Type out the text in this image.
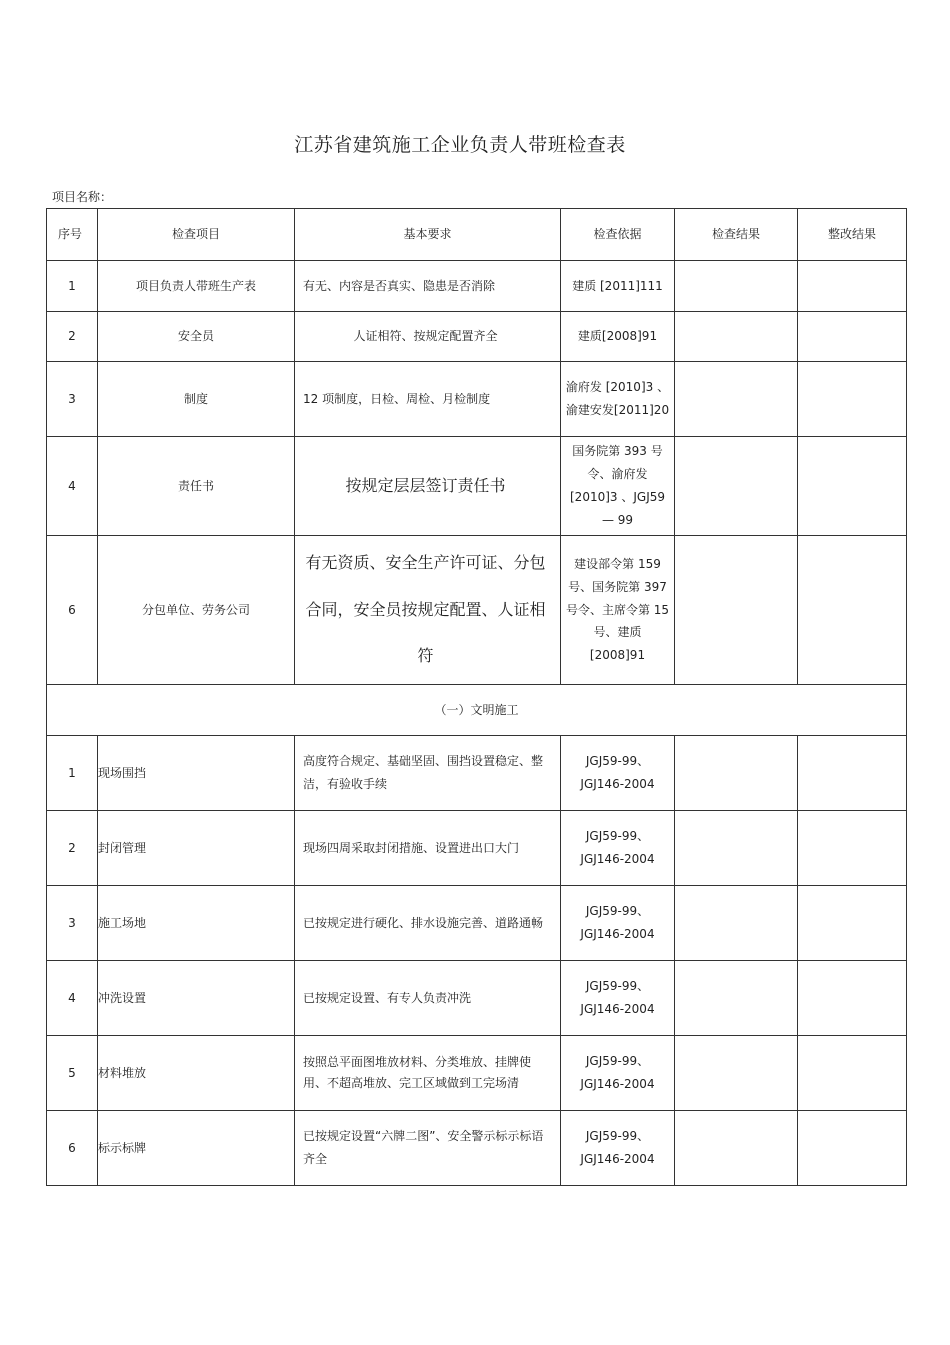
江苏省建筑施工企业负责人带班检查表
项目名称：
序号	检查项目	基本要求	检查依据	检查结果	整改结果
1	项目负责人带班生产表	有无、内容是否真实、隐患是否消除	建质 [2011]111		
2	安全员	人证相符、按规定配置齐全	建质[2008]91		
3	制度	12 项制度，日检、周检、月检制度	渝府发 [2010]3 、渝建安发[2011]20		
4	责任书	按规定层层签订责任书	国务院第 393 号令、渝府发 [2010]3 、JGJ59 — 99		
6	分包单位、劳务公司	有无资质、安全生产许可证、分包合同，安全员按规定配置、人证相符	建设部令第 159 号、国务院第 397 号令、主席令第 15 号、建质 [2008]91		
（一）文明施工					
1	现场围挡	高度符合规定、基础坚固、围挡设置稳定、整洁，有验收手续	JGJ59-99、JGJ146-2004		
2	封闭管理	现场四周采取封闭措施、设置进出口大门	JGJ59-99、JGJ146-2004		
3	施工场地	已按规定进行硬化、排水设施完善、道路通畅	JGJ59-99、JGJ146-2004		
4	冲洗设置	已按规定设置、有专人负责冲洗	JGJ59-99、JGJ146-2004		
5	材料堆放	按照总平面图堆放材料、分类堆放、挂牌使用、不超高堆放、完工区域做到工完场清	JGJ59-99、JGJ146-2004		
6	标示标牌	已按规定设置“六牌二图”、安全警示标示标语齐全	JGJ59-99、JGJ146-2004		
